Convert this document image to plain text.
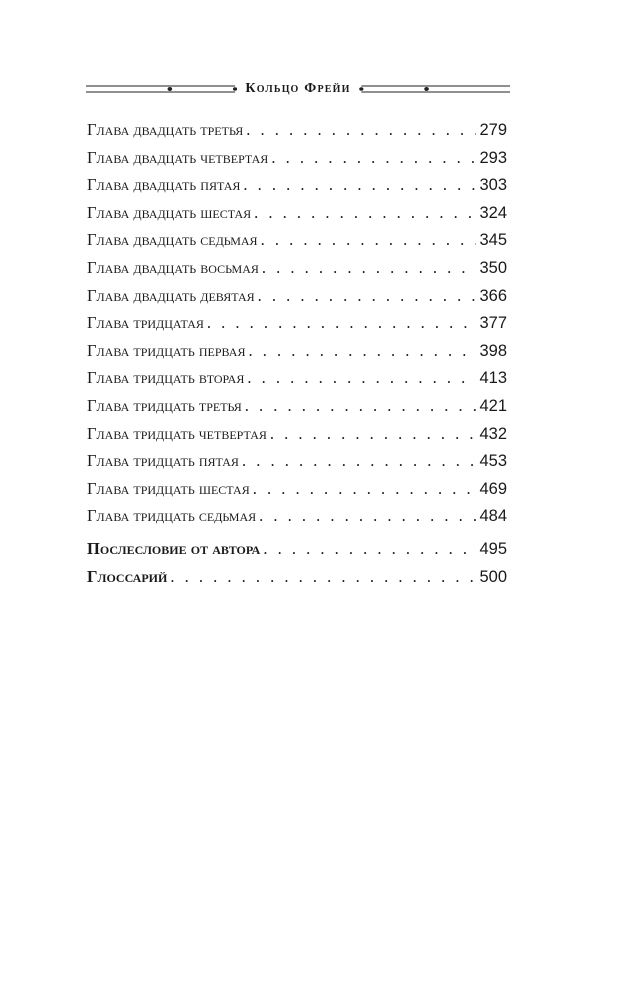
Кольцо Фрейи
Глава двадцать третья . . .	279
Глава двадцать четвертая . . .	293
Глава двадцать пятая . . .	303
Глава двадцать шестая . . .	324
Глава двадцать седьмая . . .	345
Глава двадцать восьмая . . .	350
Глава двадцать девятая . . .	366
Глава тридцатая . . .	377
Глава тридцать первая . . .	398
Глава тридцать вторая . . .	413
Глава тридцать третья . . .	421
Глава тридцать четвертая . . .	432
Глава тридцать пятая . . .	453
Глава тридцать шестая . . .	469
Глава тридцать седьмая . . .	484
Послесловие от автора . . .	495
Глоссарий . . .	500
